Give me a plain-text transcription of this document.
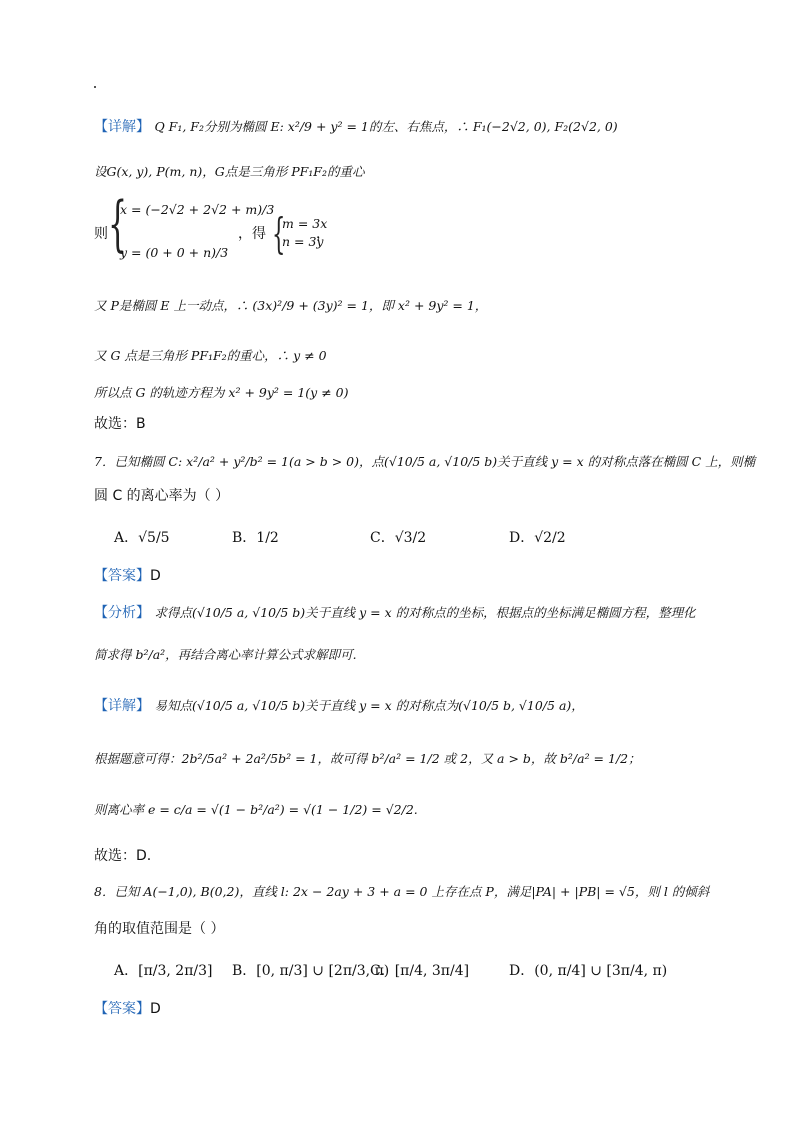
【详解】 Q F₁, F₂分别为椭圆 E: x²/9 + y² = 1的左、右焦点，∴ F₁(−2√2, 0), F₂(2√2, 0)
设G(x, y), P(m, n)，G点是三角形 PF₁F₂的重心
则 {
x = (−2√2 + 2√2 + m)/3
y = (0 + 0 + n)/3
，得 {
m = 3x
n = 3y
，
又 P是椭圆 E 上一动点，∴ (3x)²/9 + (3y)² = 1，即 x² + 9y² = 1，
又 G 点是三角形 PF₁F₂的重心，∴ y ≠ 0
所以点 G 的轨迹方程为 x² + 9y² = 1(y ≠ 0)
故选：B
7．已知椭圆 C: x²/a² + y²/b² = 1(a > b > 0)，点(√10/5 a, √10/5 b)关于直线 y = x 的对称点落在椭圆 C 上，则椭
圆 C 的离心率为（ ）
A．√5/5	B．1/2	C．√3/2	D．√2/2
【答案】D
【分析】 求得点(√10/5 a, √10/5 b)关于直线 y = x 的对称点的坐标，根据点的坐标满足椭圆方程，整理化
简求得 b²/a²，再结合离心率计算公式求解即可.
【详解】 易知点(√10/5 a, √10/5 b)关于直线 y = x 的对称点为(√10/5 b, √10/5 a)，
根据题意可得：2b²/5a² + 2a²/5b² = 1，故可得 b²/a² = 1/2 或 2，又 a > b，故 b²/a² = 1/2；
则离心率 e = c/a = √(1 − b²/a²) = √(1 − 1/2) = √2/2.
故选：D.
8．已知 A(−1,0), B(0,2)，直线 l: 2x − 2ay + 3 + a = 0 上存在点 P，满足|PA| + |PB| = √5，则 l 的倾斜
角的取值范围是（ ）
A．[π/3, 2π/3] B．[0, π/3] ∪ [2π/3, π)
C．[π/4, 3π/4]	D．(0, π/4] ∪ [3π/4, π)
【答案】D
